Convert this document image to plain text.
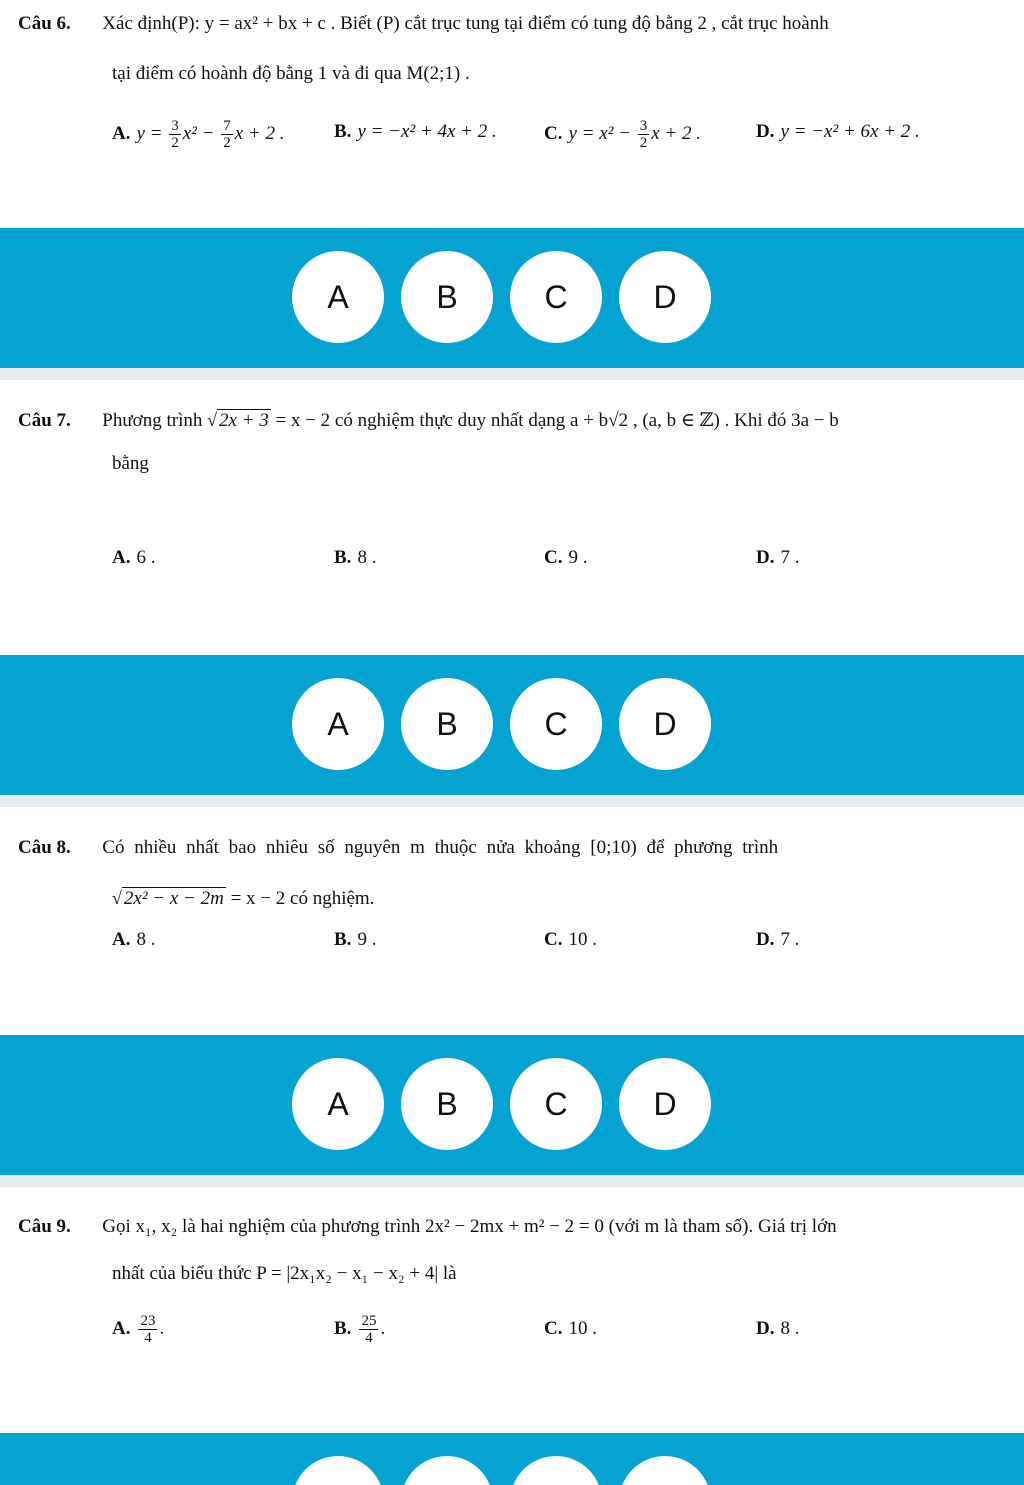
Câu 6. Xác định(P): y = ax² + bx + c . Biết (P) cắt trục tung tại điểm có tung độ bằng 2 , cắt trục hoành
tại điểm có hoành độ bằng 1 và đi qua M(2;1) .
A. $y = \frac{3}{2} x^2 - \frac{7}{2}$ x + 2 .	B. y = −x² + 4x + 2 . C. $y = x^2 - \frac{3}{2}$ x + 2 .	D. y = −x² + 6x + 2 .
A	B	C	D
Câu 7. Phương trình √ 2x + 3 = x − 2 có nghiệm thực duy nhất dạng a + b√2 , (a, b ∈ ℤ) . Khi đó 3a − b
bằng
A. 6 .	B. 8 .	C. 9 .	D. 7 .
A	B	C	D
Câu 8. Có nhiều nhất bao nhiêu số nguyên m thuộc nửa khoảng [0;10) để phương trình
√ 2x² − x − 2m = x − 2 có nghiệm.
A. 8 .	B. 9 .	C. 10 .	D. 7 .
A	B	C	D
Câu 9. Gọi x₁, x₂ là hai nghiệm của phương trình 2x² − 2mx + m² − 2 = 0 (với m là tham số). Giá trị lớn
nhất của biểu thức P = |2x₁x₂ − x₁ − x₂ + 4| là
A. $\frac{23}{4}$ .	B. $\frac{25}{4}$ .	C. 10 .	D. 8 .
